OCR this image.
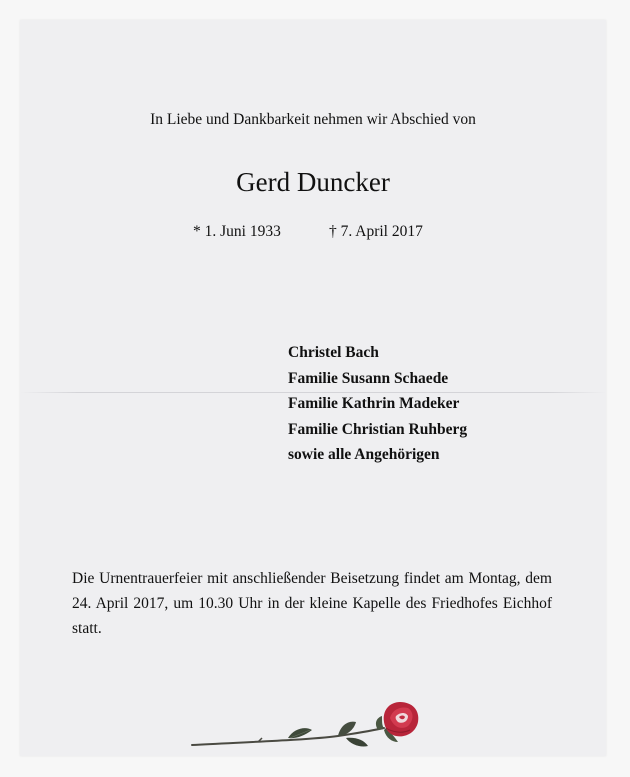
In Liebe und Dankbarkeit nehmen wir Abschied von
Gerd Duncker
* 1. Juni 1933	† 7. April 2017
Christel Bach
Familie Susann Schaede
Familie Kathrin Madeker
Familie Christian Ruhberg
sowie alle Angehörigen
Die Urnentrauerfeier mit anschließender Beisetzung findet am Montag, dem 24. April 2017, um 10.30 Uhr in der kleine Kapelle des Friedhofes Eichhof statt.
